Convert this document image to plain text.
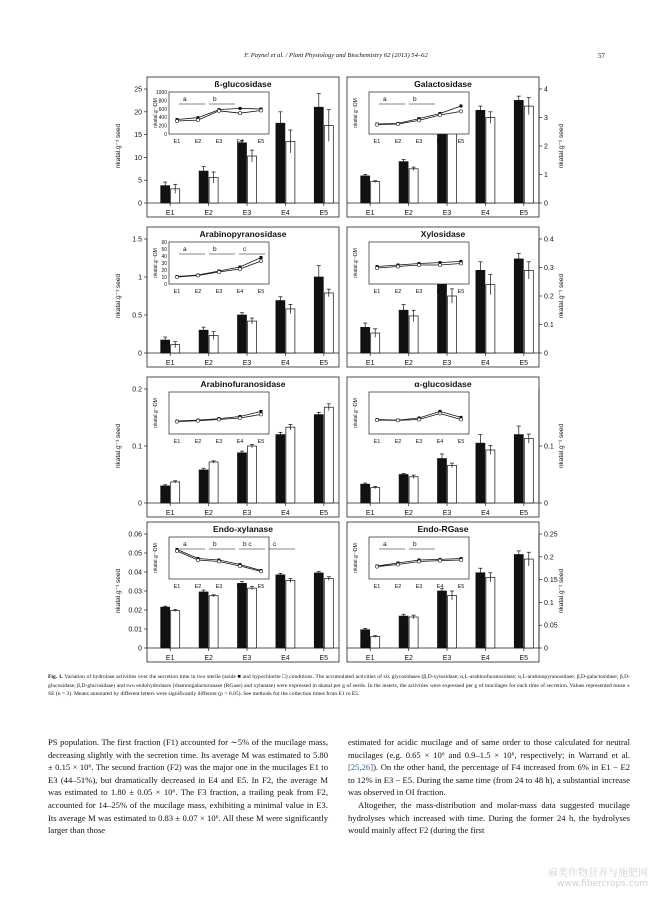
F. Paynel et al. / Plant Physiology and Biochemistry 62 (2013) 54–62	57
ß-glucosidase
0
5
10
15
20
25
nkatal.g⁻¹ seed
E1	E2	E3	E4	E5
nkatal.g⁻¹DM
0
200
400
600
800
1000
E1	E2	E3	E4	E5
a	b
Galactosidase
0
1
2
3
4
nkatal.g⁻¹ seed
E1	E2	E3	E4	E5
nkatal.g⁻¹DM
E1	E2	E3	E4	E5
a	b
Arabinopyranosidase
0
0.5
1
1.5
nkatal.g⁻¹ seed
E1	E2	E3	E4	E5
nkatal.g⁻¹DM
0
10
20
30
40
50
60
E1	E2	E3	E4	E5
a	b	c
Xylosidase
0
0.1
0.2
0.3
0.4
nkatal.g⁻¹ seed
E1	E2	E3	E4	E5
nkatal.g⁻¹DM
E1	E2	E3	E4	E5
Arabinofuranosidase
0
0.1
0.2
nkatal.g⁻¹ seed
E1	E2	E3	E4	E5
nkatal.g⁻¹DM
E1	E2	E3	E4	E5
α-glucosidase
0
0.1 nkatal.g⁻¹ seed
E1	E2	E3	E4	E5
nkatal.g⁻¹DM
E1	E2	E3	E4	E5
Endo-xylanase
0
0.01
0.02
0.03
0.04
0.05
0.06
nkatal.g⁻¹ seed
E1	E2	E3	E4	E5
nkatal.g⁻¹DM
E1	E2	E3	E4	E5
a	b	b c	c
Endo-RGase
0
0.05
0.1
0.15
0.2
0.25
nkatal.g⁻¹ seed
E1	E2	E3	E4	E5
nkatal.g⁻¹DM
E1	E2	E3	E4	E5
a	b
Fig. 1. Variation of hydrolase activities over the secretion time in two sterile (azide ■ and hypochlorite □) conditions. The accumulated activities of six glycosidases (β,D-xylosidase; α,L-arabinofuranosidase; α,L-arabinopyranosidase; β,D-galactosidase; β,D-glucosidase; β,D-glucosidase) and two endohydrolases (rhamnogalacturonase (RGase) and xylanase) were expressed in nkatal per g of seeds. In the inserts, the activities were expressed per g of mucilages for each time of secretion. Values represented mean ± SE (n = 3). Means annotated by different letters were significantly different (p < 0.05). See methods for the collection times from E1 to E5.

PS population. The first fraction (F1) accounted for ∼5% of the mucilage mass, decreasing slightly with the secretion time. Its average M was estimated to 5.80 ± 0.15 × 10⁶. The second fraction (F2) was the major one in the mucilages E1 to E3 (44–51%), but dramatically decreased in E4 and E5. In F2, the average M was estimated to 1.80 ± 0.05 × 10⁶. The F3 fraction, a trailing peak from F2, accounted for 14–25% of the mucilage mass, exhibiting a minimal value in E3. Its average M was estimated to 0.83 ± 0.07 × 10⁶. All these M were significantly larger than those

estimated for acidic mucilage and of same order to those calculated for neutral mucilages (e.g. 0.65 × 10⁶ and 0.9–1.5 × 10⁶, respectively; in Warrand et al. [25,26]). On the other hand, the percentage of F4 increased from 6% in E1 − E2 to 12% in E3 − E5. During the same time (from 24 to 48 h), a substantial increase was observed in OI fraction.

Altogether, the mass-distribution and molar-mass data suggested mucilage hydrolyses which increased with time. During the former 24 h, the hydrolyses would mainly affect F2 (during the first

麻类作物营养与施肥网
www.fibercrops.com
